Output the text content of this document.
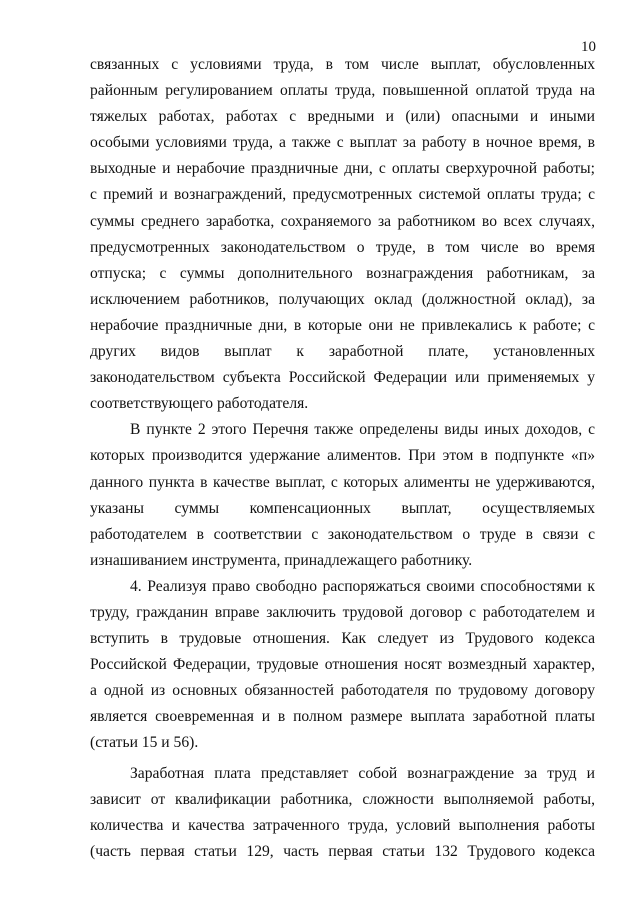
10
связанных с условиями труда, в том числе выплат, обусловленных
районным регулированием оплаты труда, повышенной оплатой труда на
тяжелых работах, работах с вредными и (или) опасными и иными
особыми условиями труда, а также с выплат за работу в ночное время, в
выходные и нерабочие праздничные дни, с оплаты сверхурочной работы;
с премий и вознаграждений, предусмотренных системой оплаты труда; с
суммы среднего заработка, сохраняемого за работником во всех случаях,
предусмотренных законодательством о труде, в том числе во время
отпуска; с суммы дополнительного вознаграждения работникам, за
исключением работников, получающих оклад (должностной оклад), за
нерабочие праздничные дни, в которые они не привлекались к работе; с
других видов выплат к заработной плате, установленных
законодательством субъекта Российской Федерации или применяемых у
соответствующего работодателя.
В пункте 2 этого Перечня также определены виды иных доходов, с
которых производится удержание алиментов. При этом в подпункте «п»
данного пункта в качестве выплат, с которых алименты не удерживаются,
указаны суммы компенсационных выплат, осуществляемых
работодателем в соответствии с законодательством о труде в связи с
изнашиванием инструмента, принадлежащего работнику.
4. Реализуя право свободно распоряжаться своими способностями к
труду, гражданин вправе заключить трудовой договор с работодателем и
вступить в трудовые отношения. Как следует из Трудового кодекса
Российской Федерации, трудовые отношения носят возмездный характер,
а одной из основных обязанностей работодателя по трудовому договору
является своевременная и в полном размере выплата заработной платы
(статьи 15 и 56).
Заработная плата представляет собой вознаграждение за труд и
зависит от квалификации работника, сложности выполняемой работы,
количества и качества затраченного труда, условий выполнения работы
(часть первая статьи 129, часть первая статьи 132 Трудового кодекса
